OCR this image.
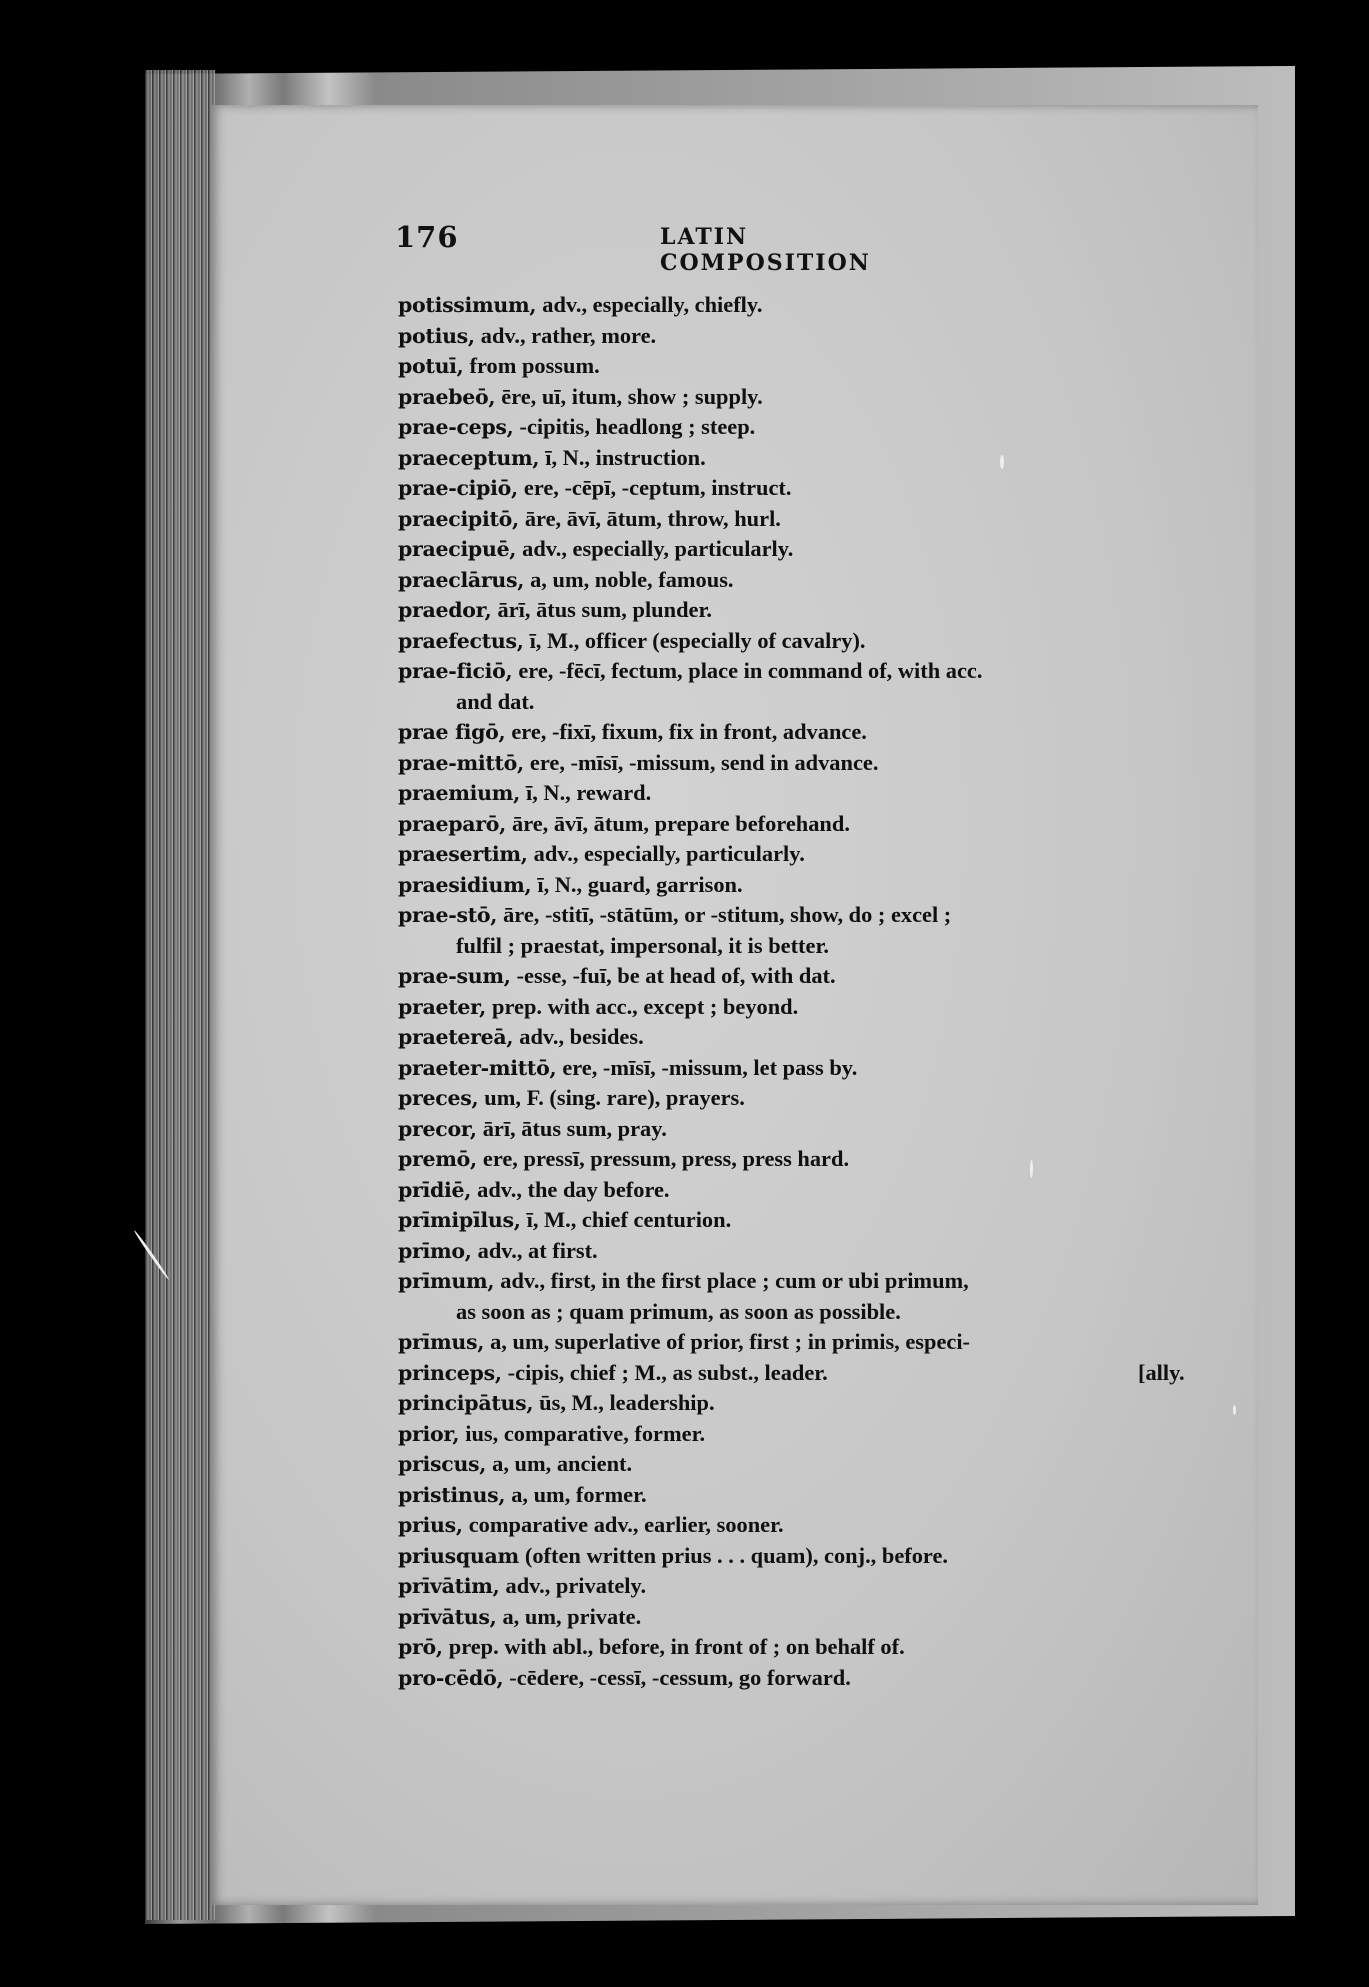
176	LATIN COMPOSITION
potissimum, adv., especially, chiefly.
potius, adv., rather, more.
potuī, from possum.
praebeō, ēre, uī, itum, show ; supply.
prae-ceps, -cipitis, headlong ; steep.
praeceptum, ī, N., instruction.
prae-cipiō, ere, -cēpī, -ceptum, instruct.
praecipitō, āre, āvī, ātum, throw, hurl.
praecipuē, adv., especially, particularly.
praeclārus, a, um, noble, famous.
praedor, ārī, ātus sum, plunder.
praefectus, ī, M., officer (especially of cavalry).
prae-ficiō, ere, -fēcī, fectum, place in command of, with acc.
and dat.
prae figō, ere, -fixī, fixum, fix in front, advance.
prae-mittō, ere, -mīsī, -missum, send in advance.
praemium, ī, N., reward.
praeparō, āre, āvī, ātum, prepare beforehand.
praesertim, adv., especially, particularly.
praesidium, ī, N., guard, garrison.
prae-stō, āre, -stitī, -stātūm, or -stitum, show, do ; excel ;
fulfil ; praestat, impersonal, it is better.
prae-sum, -esse, -fuī, be at head of, with dat.
praeter, prep. with acc., except ; beyond.
praetereā, adv., besides.
praeter-mittō, ere, -mīsī, -missum, let pass by.
preces, um, F. (sing. rare), prayers.
precor, ārī, ātus sum, pray.
premō, ere, pressī, pressum, press, press hard.
prīdiē, adv., the day before.
prīmipīlus, ī, M., chief centurion.
prīmo, adv., at first.
prīmum, adv., first, in the first place ; cum or ubi primum,
as soon as ; quam primum, as soon as possible.
prīmus, a, um, superlative of prior, first ; in primis, especi-
princeps, -cipis, chief ; M., as subst., leader.	[ally.
principātus, ūs, M., leadership.
prior, ius, comparative, former.
priscus, a, um, ancient.
pristinus, a, um, former.
prius, comparative adv., earlier, sooner.
priusquam (often written prius . . . quam), conj., before.
prīvātim, adv., privately.
prīvātus, a, um, private.
prō, prep. with abl., before, in front of ; on behalf of.
pro-cēdō, -cēdere, -cessī, -cessum, go forward.
